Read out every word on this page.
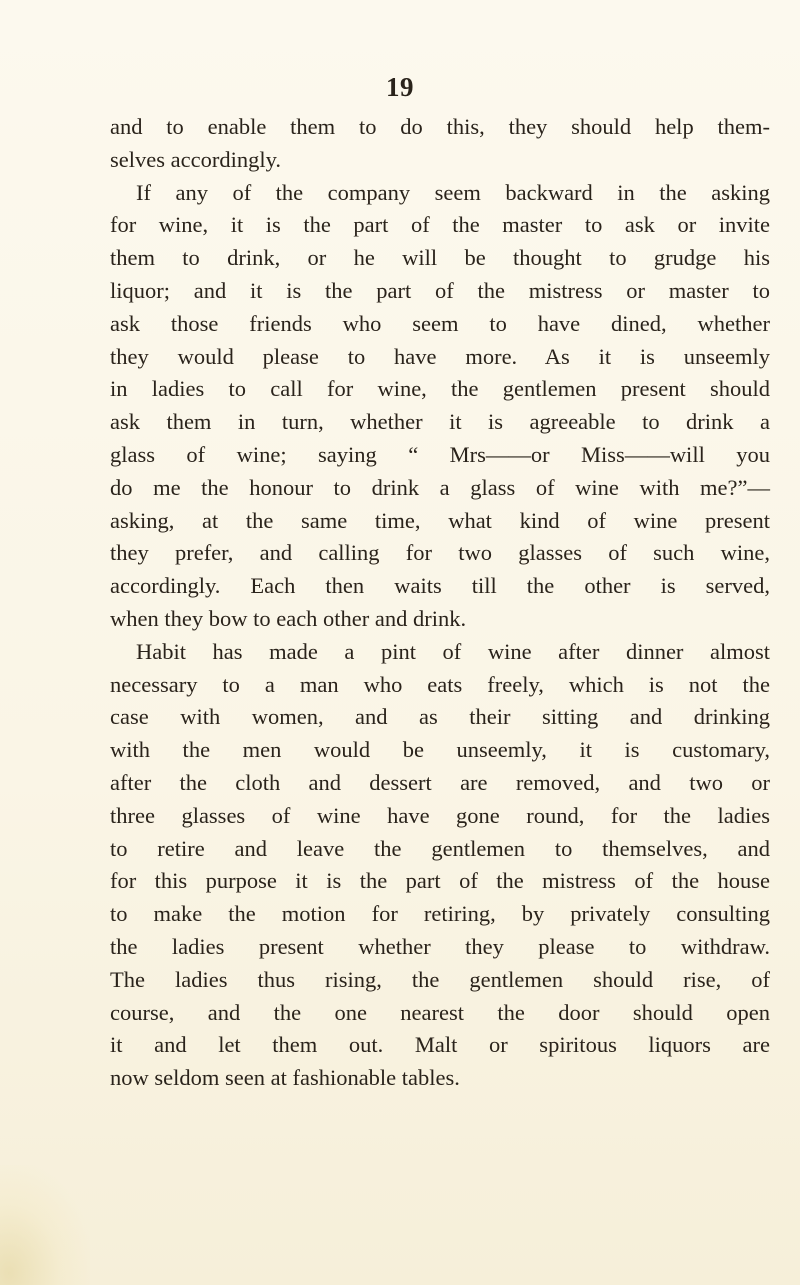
19
and to enable them to do this, they should help them-
selves accordingly.
If any of the company seem backward in the asking
for wine, it is the part of the master to ask or invite
them to drink, or he will be thought to grudge his
liquor; and it is the part of the mistress or master to
ask those friends who seem to have dined, whether
they would please to have more. As it is unseemly
in ladies to call for wine, the gentlemen present should
ask them in turn, whether it is agreeable to drink a
glass of wine; saying “ Mrs——or Miss——will you
do me the honour to drink a glass of wine with me?”—
asking, at the same time, what kind of wine present
they prefer, and calling for two glasses of such wine,
accordingly. Each then waits till the other is served,
when they bow to each other and drink.
Habit has made a pint of wine after dinner almost
necessary to a man who eats freely, which is not the
case with women, and as their sitting and drinking
with the men would be unseemly, it is customary,
after the cloth and dessert are removed, and two or
three glasses of wine have gone round, for the ladies
to retire and leave the gentlemen to themselves, and
for this purpose it is the part of the mistress of the house
to make the motion for retiring, by privately consulting
the ladies present whether they please to withdraw.
The ladies thus rising, the gentlemen should rise, of
course, and the one nearest the door should open
it and let them out. Malt or spiritous liquors are
now seldom seen at fashionable tables.
